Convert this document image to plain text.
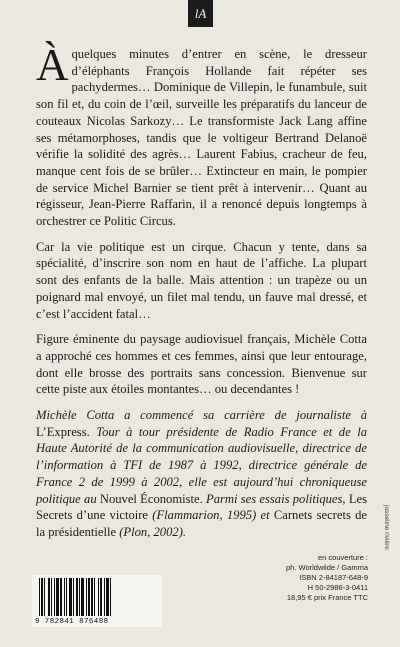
lA

À quelques minutes d’entrer en scène, le dresseur d’éléphants François Hollande fait répéter ses pachydermes… Dominique de Villepin, le funambule, suit son fil et, du coin de l’œil, surveille les préparatifs du lanceur de couteaux Nicolas Sarkozy… Le transformiste Jack Lang affine ses métamorphoses, tandis que le voltigeur Bertrand Delanoë vérifie la solidité des agrès… Laurent Fabius, cracheur de feu, manque cent fois de se brûler… Extincteur en main, le pompier de service Michel Barnier se tient prêt à intervenir… Quant au régisseur, Jean-Pierre Raffarin, il a renoncé depuis longtemps à orchestrer ce Politic Circus.

Car la vie politique est un cirque. Chacun y tente, dans sa spécialité, d’inscrire son nom en haut de l’affiche. La plupart sont des enfants de la balle. Mais attention : un trapèze ou un poignard mal envoyé, un filet mal tendu, un fauve mal dressé, et c’est l’accident fatal…

Figure éminente du paysage audiovisuel français, Michèle Cotta a approché ces hommes et ces femmes, ainsi que leur entourage, dont elle brosse des portraits sans concession. Bienvenue sur cette piste aux étoiles montantes… ou decendantes !

Michèle Cotta a commencé sa carrière de journaliste à L’Express. Tour à tour présidente de Radio France et de la Haute Autorité de la communication audiovisuelle, directrice de l’information à TFI de 1987 à 1992, directrice générale de France 2 de 1999 à 2002, elle est aujourd’hui chroniqueuse politique au Nouvel Économiste. Parmi ses essais politiques, Les Secrets d’une victoire (Flammarion, 1995) et Carnets secrets de la présidentielle (Plon, 2002).

en couverture :
ph. Worldwilde / Gamma
ISBN 2-84187-648-9
H 50-2986-3-0411
18,95 € prix France TTC
9 782841 876488
josseline rivière
